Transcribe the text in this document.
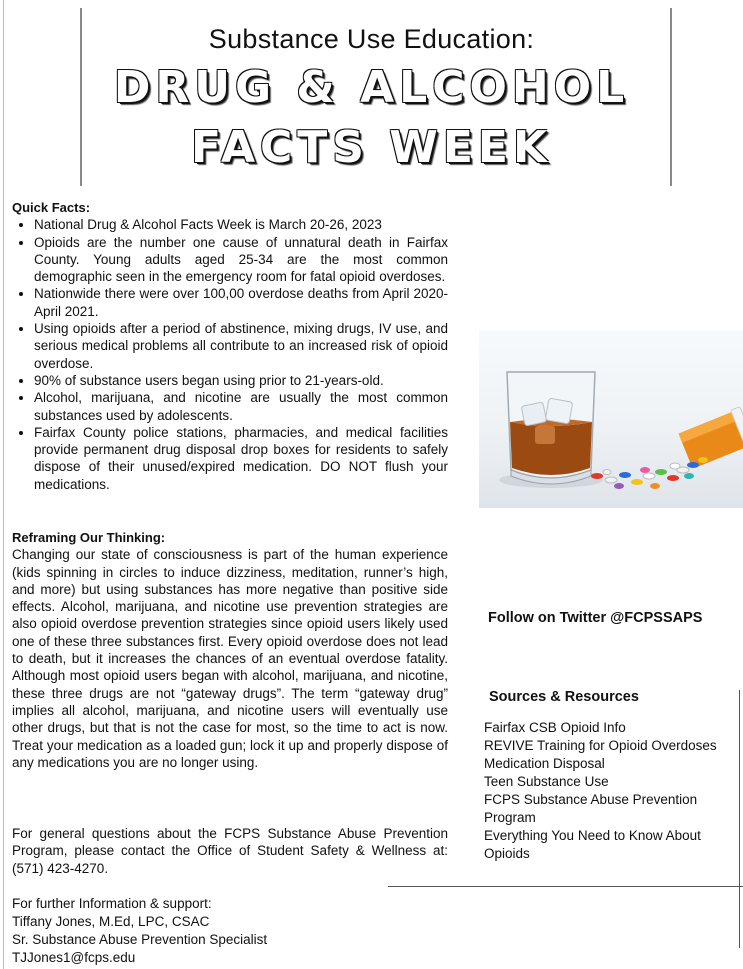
Substance Use Education:
DRUG & ALCOHOL
FACTS WEEK
Quick Facts:
• National Drug & Alcohol Facts Week is March 20-26, 2023
• Opioids are the number one cause of unnatural death in Fairfax County. Young adults aged 25-34 are the most common demographic seen in the emergency room for fatal opioid overdoses.
• Nationwide there were over 100,00 overdose deaths from April 2020- April 2021.
• Using opioids after a period of abstinence, mixing drugs, IV use, and serious medical problems all contribute to an increased risk of opioid overdose.
• 90% of substance users began using prior to 21-years-old.
• Alcohol, marijuana, and nicotine are usually the most common substances used by adolescents.
• Fairfax County police stations, pharmacies, and medical facilities provide permanent drug disposal drop boxes for residents to safely dispose of their unused/expired medication. DO NOT flush your medications.
Reframing Our Thinking:
Changing our state of consciousness is part of the human experience (kids spinning in circles to induce dizziness, meditation, runner’s high, and more) but using substances has more negative than positive side effects. Alcohol, marijuana, and nicotine use prevention strategies are also opioid overdose prevention strategies since opioid users likely used one of these three substances first. Every opioid overdose does not lead to death, but it increases the chances of an eventual overdose fatality. Although most opioid users began with alcohol, marijuana, and nicotine, these three drugs are not “gateway drugs”. The term “gateway drug” implies all alcohol, marijuana, and nicotine users will eventually use other drugs, but that is not the case for most, so the time to act is now. Treat your medication as a loaded gun; lock it up and properly dispose of any medications you are no longer using.
For general questions about the FCPS Substance Abuse Prevention Program, please contact the Office of Student Safety & Wellness at: (571) 423-4270.
For further Information & support:
Tiffany Jones, M.Ed, LPC, CSAC
Sr. Substance Abuse Prevention Specialist
TJJones1@fcps.edu
Follow on Twitter @FCPSSAPS
Sources & Resources
Fairfax CSB Opioid Info
REVIVE Training for Opioid Overdoses
Medication Disposal
Teen Substance Use
FCPS Substance Abuse Prevention Program
Everything You Need to Know About Opioids
